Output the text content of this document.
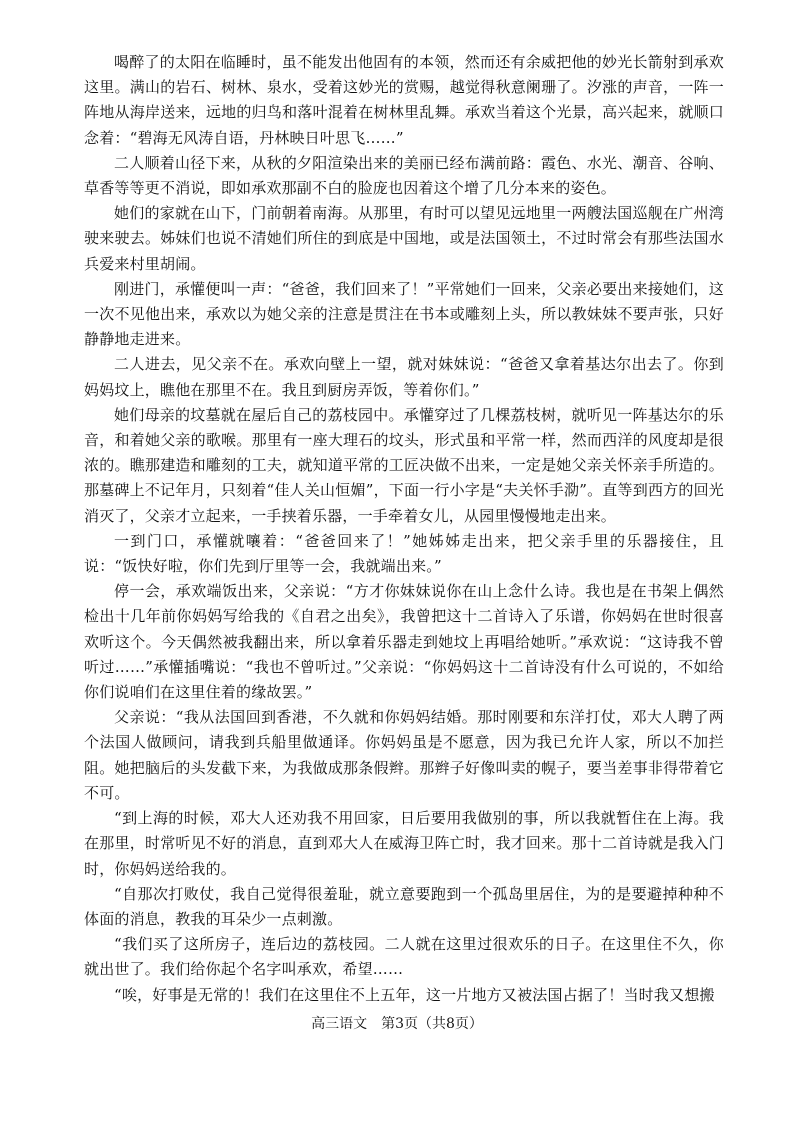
喝醉了的太阳在临睡时，虽不能发出他固有的本领，然而还有余威把他的妙光长箭射到承欢这里。满山的岩石、树林、泉水，受着这妙光的赏赐，越觉得秋意阑珊了。汐涨的声音，一阵一阵地从海岸送来，远地的归鸟和落叶混着在树林里乱舞。承欢当着这个光景，高兴起来，就顺口念着：“碧海无风涛自语，丹林映日叶思飞……”

二人顺着山径下来，从秋的夕阳渲染出来的美丽已经布满前路：霞色、水光、潮音、谷响、草香等等更不消说，即如承欢那副不白的脸庞也因着这个增了几分本来的姿色。

她们的家就在山下，门前朝着南海。从那里，有时可以望见远地里一两艘法国巡舰在广州湾驶来驶去。姊妹们也说不清她们所住的到底是中国地，或是法国领土，不过时常会有那些法国水兵爱来村里胡闹。

刚进门，承懽便叫一声：“爸爸，我们回来了！”平常她们一回来，父亲必要出来接她们，这一次不见他出来，承欢以为她父亲的注意是贯注在书本或雕刻上头，所以教妹妹不要声张，只好静静地走进来。

二人进去，见父亲不在。承欢向壁上一望，就对妹妹说：“爸爸又拿着基达尔出去了。你到妈妈坟上，瞧他在那里不在。我且到厨房弄饭，等着你们。”

她们母亲的坟墓就在屋后自己的荔枝园中。承懽穿过了几棵荔枝树，就听见一阵基达尔的乐音，和着她父亲的歌喉。那里有一座大理石的坟头，形式虽和平常一样，然而西洋的风度却是很浓的。瞧那建造和雕刻的工夫，就知道平常的工匠决做不出来，一定是她父亲关怀亲手所造的。那墓碑上不记年月，只刻着“佳人关山恒媚”，下面一行小字是“夫关怀手泐”。直等到西方的回光消灭了，父亲才立起来，一手挟着乐器，一手牵着女儿，从园里慢慢地走出来。

一到门口，承懽就嚷着：“爸爸回来了！”她姊姊走出来，把父亲手里的乐器接住，且说：“饭快好啦，你们先到厅里等一会，我就端出来。”

停一会，承欢端饭出来，父亲说：“方才你妹妹说你在山上念什么诗。我也是在书架上偶然检出十几年前你妈妈写给我的《自君之出矣》，我曾把这十二首诗入了乐谱，你妈妈在世时很喜欢听这个。今天偶然被我翻出来，所以拿着乐器走到她坟上再唱给她听。”承欢说：“这诗我不曾听过……”承懽插嘴说：“我也不曾听过。”父亲说：“你妈妈这十二首诗没有什么可说的，不如给你们说咱们在这里住着的缘故罢。”

父亲说：“我从法国回到香港，不久就和你妈妈结婚。那时刚要和东洋打仗，邓大人聘了两个法国人做顾问，请我到兵船里做通译。你妈妈虽是不愿意，因为我已允许人家，所以不加拦阻。她把脑后的头发截下来，为我做成那条假辫。那辫子好像叫卖的幌子，要当差事非得带着它不可。

“到上海的时候，邓大人还劝我不用回家，日后要用我做别的事，所以我就暂住在上海。我在那里，时常听见不好的消息，直到邓大人在威海卫阵亡时，我才回来。那十二首诗就是我入门时，你妈妈送给我的。

“自那次打败仗，我自己觉得很羞耻，就立意要跑到一个孤岛里居住，为的是要避掉种种不体面的消息，教我的耳朵少一点刺激。

“我们买了这所房子，连后边的荔枝园。二人就在这里过很欢乐的日子。在这里住不久，你就出世了。我们给你起个名字叫承欢，希望……

“唉，好事是无常的！我们在这里住不上五年，这一片地方又被法国占据了！当时我又想搬

高三语文　第3页（共8页）
